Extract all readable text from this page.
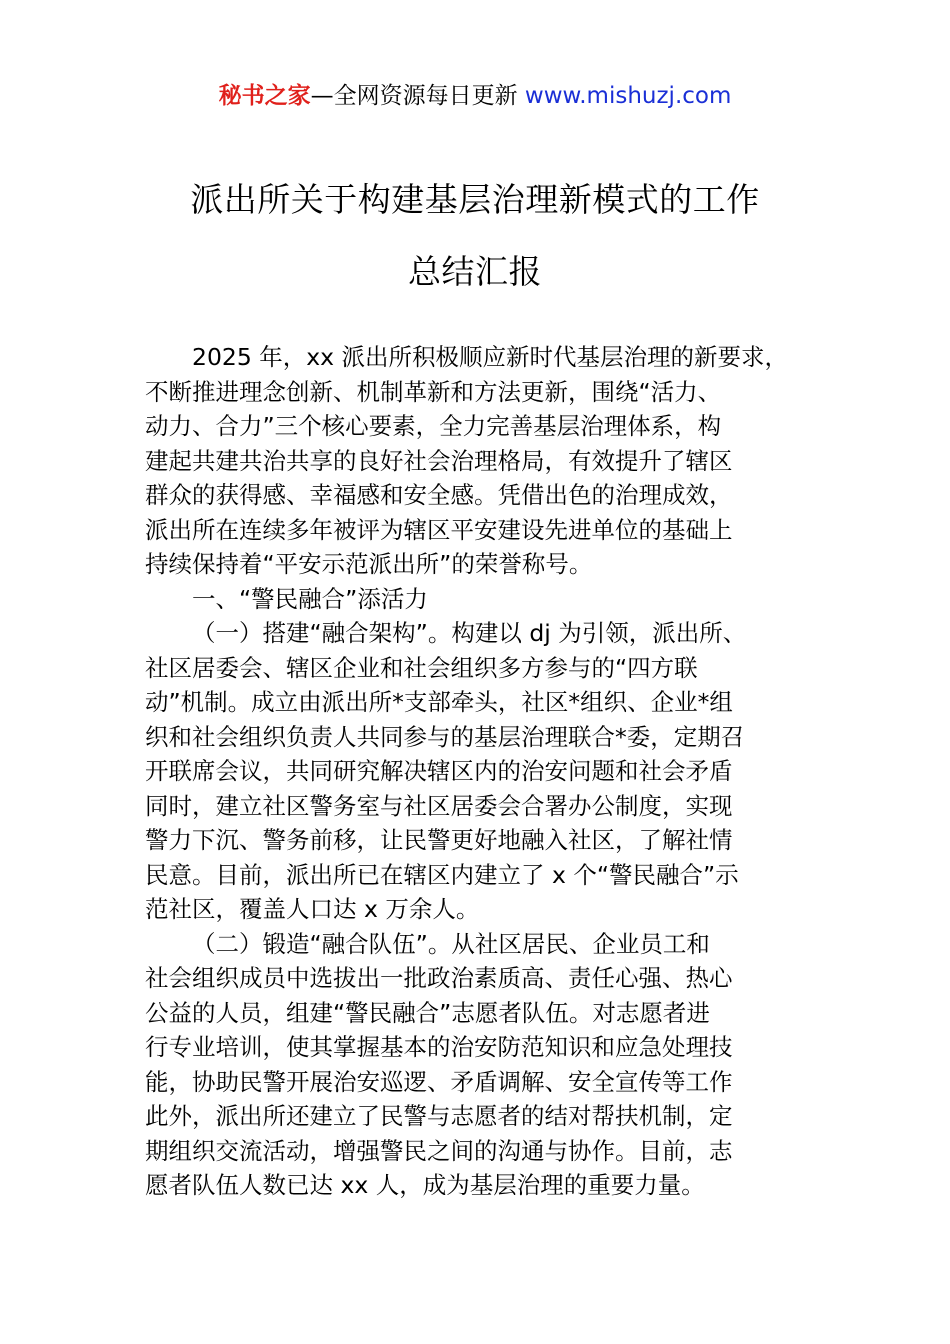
秘书之家—全网资源每日更新 www.mishuzj.com
派出所关于构建基层治理新模式的工作
总结汇报
2025 年，xx 派出所积极顺应新时代基层治理的新要求，
不断推进理念创新、机制革新和方法更新，围绕“活力、
动力、合力”三个核心要素，全力完善基层治理体系，构
建起共建共治共享的良好社会治理格局，有效提升了辖区
群众的获得感、幸福感和安全感。凭借出色的治理成效，
派出所在连续多年被评为辖区平安建设先进单位的基础上
持续保持着“平安示范派出所”的荣誉称号。
一、“警民融合”添活力
（一）搭建“融合架构”。构建以 dj 为引领，派出所、
社区居委会、辖区企业和社会组织多方参与的“四方联
动”机制。成立由派出所*支部牵头，社区*组织、企业*组
织和社会组织负责人共同参与的基层治理联合*委，定期召
开联席会议，共同研究解决辖区内的治安问题和社会矛盾
同时，建立社区警务室与社区居委会合署办公制度，实现
警力下沉、警务前移，让民警更好地融入社区，了解社情
民意。目前，派出所已在辖区内建立了 x 个“警民融合”示
范社区，覆盖人口达 x 万余人。
（二）锻造“融合队伍”。从社区居民、企业员工和
社会组织成员中选拔出一批政治素质高、责任心强、热心
公益的人员，组建“警民融合”志愿者队伍。对志愿者进
行专业培训，使其掌握基本的治安防范知识和应急处理技
能，协助民警开展治安巡逻、矛盾调解、安全宣传等工作
此外，派出所还建立了民警与志愿者的结对帮扶机制，定
期组织交流活动，增强警民之间的沟通与协作。目前，志
愿者队伍人数已达 xx 人，成为基层治理的重要力量。
